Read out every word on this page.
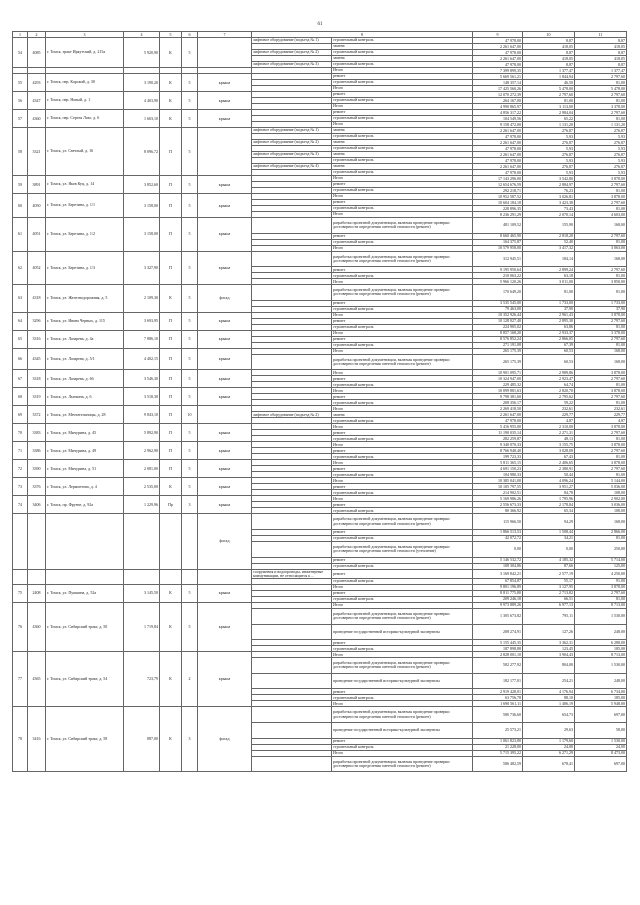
61
1	2	3	4	5	6	7	8		9	10	11
54	4085	г. Томск, тракт Иркутский, д. 215а	5 920,90	К	5		лифтовое оборудование (подъезд № 1)	строительный контроль	47 978,00	8,87	8,87
								замена	2 261 647,00	418,05	418,05
							лифтовое оборудование (подъезд № 2)	строительный контроль	47 978,00	8,87	8,87
								замена	2 261 647,00	418,05	418,05
							лифтовое оборудование (подъезд № 3)	строительный контроль	47 978,00	8,87	8,87
								Итого	7 399 899,35	1 377,47	1 377,47
55	4293	г. Томск, пер. Карский, д. 30	3 190,20	К	5	крыша		ремонт	5 669 561,21	1 844,94	2 797,60
								строительный контроль	148 357,14	46,50	81,00
								Итого	17 425 560,26	5 478,00	5 478,00
56	4347	г. Томск, пер. Новый, д. 1	4 403,90	К	5	крыша		ремонт	12 070 272,39	2 797,60	2 797,60
								строительный контроль	264 167,00	81,00	81,00
								Итого	4 990 865,97	3 113,00	3 378,00
57	4360	г. Томск, пер. Сергея Лазо, д. 6	1 603,10	К	5	крыша		ремонт	4 856 317,22	2 984,04	2 797,60
								строительный контроль	104 549,56	65,22	81,00
								Итого	9 158 472,00	1 131,20	1 131,20
58	3321	г. Томск, ул. Светлый, д. 16	8 096,72	П	5		лифтовое оборудование (подъезд № 1)	замена	2 261 647,00	276,87	276,87
								строительный контроль	47 978,00	5,93	5,93
							лифтовое оборудование (подъезд № 2)	замена	2 261 647,00	276,87	276,87
								строительный контроль	47 978,00	5,93	5,93
							лифтовое оборудование (подъезд № 3)	замена	2 261 647,00	276,87	276,87
								строительный контроль	47 978,00	5,93	5,93
							лифтовое оборудование (подъезд № 4)	замена	2 261 647,00	276,87	276,87
								строительный контроль	47 978,00	5,93	5,93
59	3891	г. Томск, ул. Яков Куц, д. 14	3 852,60	П	5	крыша		Итого	17 143 296,00	3 542,80	3 878,00
								ремонт	12 654 676,59	2 884,97	2 797,60
								строительный контроль	292 218,71	76,23	81,00
60	4050	г. Томск, ул. Березина, д. 1/1	3 158,00	П	5	крыша		Итого	10 952 587,52	3 026,81	3 878,00
								ремонт	10 604 184,18	3 423,38	2 797,60
								строительный контроль	228 896,35	73,43	81,00
								Итого	8 236 291,29	2 070,14	4 603,00
61	4051	г. Томск, ул. Березина, д. 1/2	3 158,00	П	5	крыша		разработка проектной документации, включая проведение проверки достоверности определения сметной стоимости (ремонт)	481 109,52	155,90	168,00
								ремонт	8 660 465,90	2 818,20	2 797,60
								строительный контроль	164 375,87	52,40	81,00
								Итого	10 579 958,00	3 417,32	3 063,00
62	4052	г. Томск, ул. Березина, д. 1/3	3 327,90	П	5	крыша		разработка проектной документации, включая проведение проверки достоверности определения сметной стоимости (ремонт)	312 945,51	184,14	168,00
								ремонт	9 195 950,64	2 899,24	2 797,60
								строительный контроль	210 063,22	63,18	81,00
								Итого	5 966 120,26	3 011,00	3 850,00
63	4318	г. Томск, ул. Железнодорожная, д. 5	2 109,30	К	5	фасад		разработка проектной документации, включая проведение проверки достоверности определения сметной стоимости (ремонт)	170 649,20	81,00	81,00
								ремонт	3 535 545,00	1 733,00	1 733,00
								строительный контроль	79 463,00	37,90	37,90
64	3296	г. Томск, ул. Ивана Черных, д. 115	3 693,95	П	5	крыша		Итого	10 352 926,44	2 961,43	3 878,00
								ремонт	10 128 027,40	2 895,30	2 797,60
								строительный контроль	224 905,02	63,86	81,00
65	3316	г. Томск, ул. Лазарева, д. 4а	7 886,10	П	5	крыша		Итого	8 857 168,20	2 933,37	3 378,00
								ремонт	8 576 852,24	2 866,05	2 797,60
								строительный контроль	271 191,08	67,39	81,00
66	4345	г. Томск, ул. Лазарева, д. 5/1	4 402,15	П	5	крыша		Итого	265 175,39	60,53	168,00
								разработка проектной документации, включая проведение проверки достоверности определения сметной стоимости (ремонт)	265 175,39	60,53	168,00
67	3318	г. Томск, ул. Лазарева, д. 6б	3 546,30	П	5	крыша		Итого	10 901 095,71	2 989,86	3 878,00
								ремонт	10 324 947,00	2 923,47	2 797,60
								строительный контроль	229 485,32	64,74	81,00
68	3319	г. Томск, ул. Лыткина, д. 6	3 518,30	П	5	крыша		Итого	10 099 881,63	2 820,70	3 878,00
								ремонт	9 798 381,60	2 795,62	2 797,60
								строительный контроль	208 356,17	59,22	81,00
69	3372	г. Томск, ул. Мечтательницы, д. 28	9 843,10	П	10			Итого	2 269 418,50	232,61	232,61
							лифтовое оборудование (подъезд № 2)	замена	2 261 647,00	229,77	229,77
								строительный контроль	47 978,00	4,87	4,87
70	3383	г. Томск, ул. Мичурина, д. 45	5 892,90	П	5	крыша		Итого	5 416 955,00	2 310,00	3 878,00
								ремонт	11 190 035,14	2 271,31	2 797,60
								строительный контроль	282 259,87	48,13	81,00
71	3386	г. Томск, ул. Мичурина, д. 49	2 962,90	П	5	крыша		Итого	9 340 070,33	3 155,75	3 878,00
								ремонт	8 766 948,40	3 028,08	2 797,60
								строительный контроль	199 723,33	67,43	81,00
72	3390	г. Томск, ул. Мичурина, д. 51	2 081,00	П	5	крыша		Итого	5 811 365,15	2 406,65	3 878,00
								ремонт	4 691 150,23	2 380,91	2 797,60
								строительный контроль	104 980,33	50,44	81,00
73	3376	г. Томск, ул. Лермонтова, д. 4	2 535,00	К	5	крыша		Итого	10 385 041,00	4 096,24	5 144,00
								ремонт	10 105 797,55	3 951,27	5 036,00
								строительный контроль	214 902,51	84,78	108,00
74	3406	г. Томск, пр. Фрунзе, д. 92а	1 229,96	Пр	3	крыша		Итого	5 169 986,26	1 795,96	2 902,00
								ремонт	2 556 673,33	2 178,84	3 036,00
								строительный контроль	80 366,92	65,34	108,00
						фасад		разработка проектной документации, включая проведение проверки достоверности определения сметной стоимости (ремонт)	115 966,50	94,29	168,00
								ремонт	1 866 513,53	1 508,44	2 866,00
								строительный контроль	42 072,72	34,21	81,00
								разработка проектной документации, включая проведение проверки достоверности определения сметной стоимости (утепление)	0,00	0,00	250,00
								ремонт	5 146 532,72	4 185,32	5 714,00
								строительный контроль	108 304,86	87,66	125,00
							сооружения и водопроводы, инженерные коммуникации, не относящиеся к ...	ремонт	3 169 842,21	2 577,19	4 250,00
								строительный контроль	67 854,87	55,17	91,00
75	2408	г. Томск, ул. Пушкина, д. 52а	3 145,50	К	5	крыша		Итого	9 801 196,89	3 127,95	3 878,00
								ремонт	8 811 775,80	2 713,82	2 797,60
								строительный контроль	209 246,18	66,51	81,00
76	4360	г. Томск, ул. Сибирский тракт, д. 50	1 719,84	К	5	крыша		Итого	9 973 889,26	6 977,13	8 713,00
								разработка проектной документации, включая проведение проверки достоверности определения сметной стоимости (ремонт)	1 305 673,82	795,11	1 530,00
								проведение государственной историко-культурной экспертизы	208 274,91	127,26	248,00
								ремонт	5 155 445,35	3 362,31	6 288,00
								строительный контроль	187 898,88	123,45	185,00
77	4365	г. Томск, ул. Сибирский тракт, д. 54	723,79	К	2	крыша		Итого	2 828 001,10	3 904,43	8 713,00
								разработка проектной документации, включая проведение проверки достоверности определения сметной стоимости (ремонт)	582 277,92	804,00	1 530,00
								проведение государственной историко-культурной экспертизы	182 177,01	254,21	248,00
								ремонт	2 919 428,01	4 176,94	6 734,00
								строительный контроль	63 756,78	88,10	185,00
								Итого	1 690 561,11	1 406,19	5 948,00
78	3416	г. Томск, ул. Сибирский тракт, д. 58	887,00	К	3	фасад		разработка проектной документации, включая проведение проверки достоверности определения сметной стоимости (ремонт)	580 736,60	654,73	697,00
								проведение государственной историко-культурной экспертизы	25 573,21	29,63	58,00
								ремонт	1 061 823,80	1 179,60	1 530,00
								строительный контроль	21 228,00	24,00	24,00
								Итого	5 715 395,22	6 271,29	8 473,00
								разработка проектной документации, включая проведение проверки достоверности определения сметной стоимости (ремонт)	586 482,59	678,41	697,00
